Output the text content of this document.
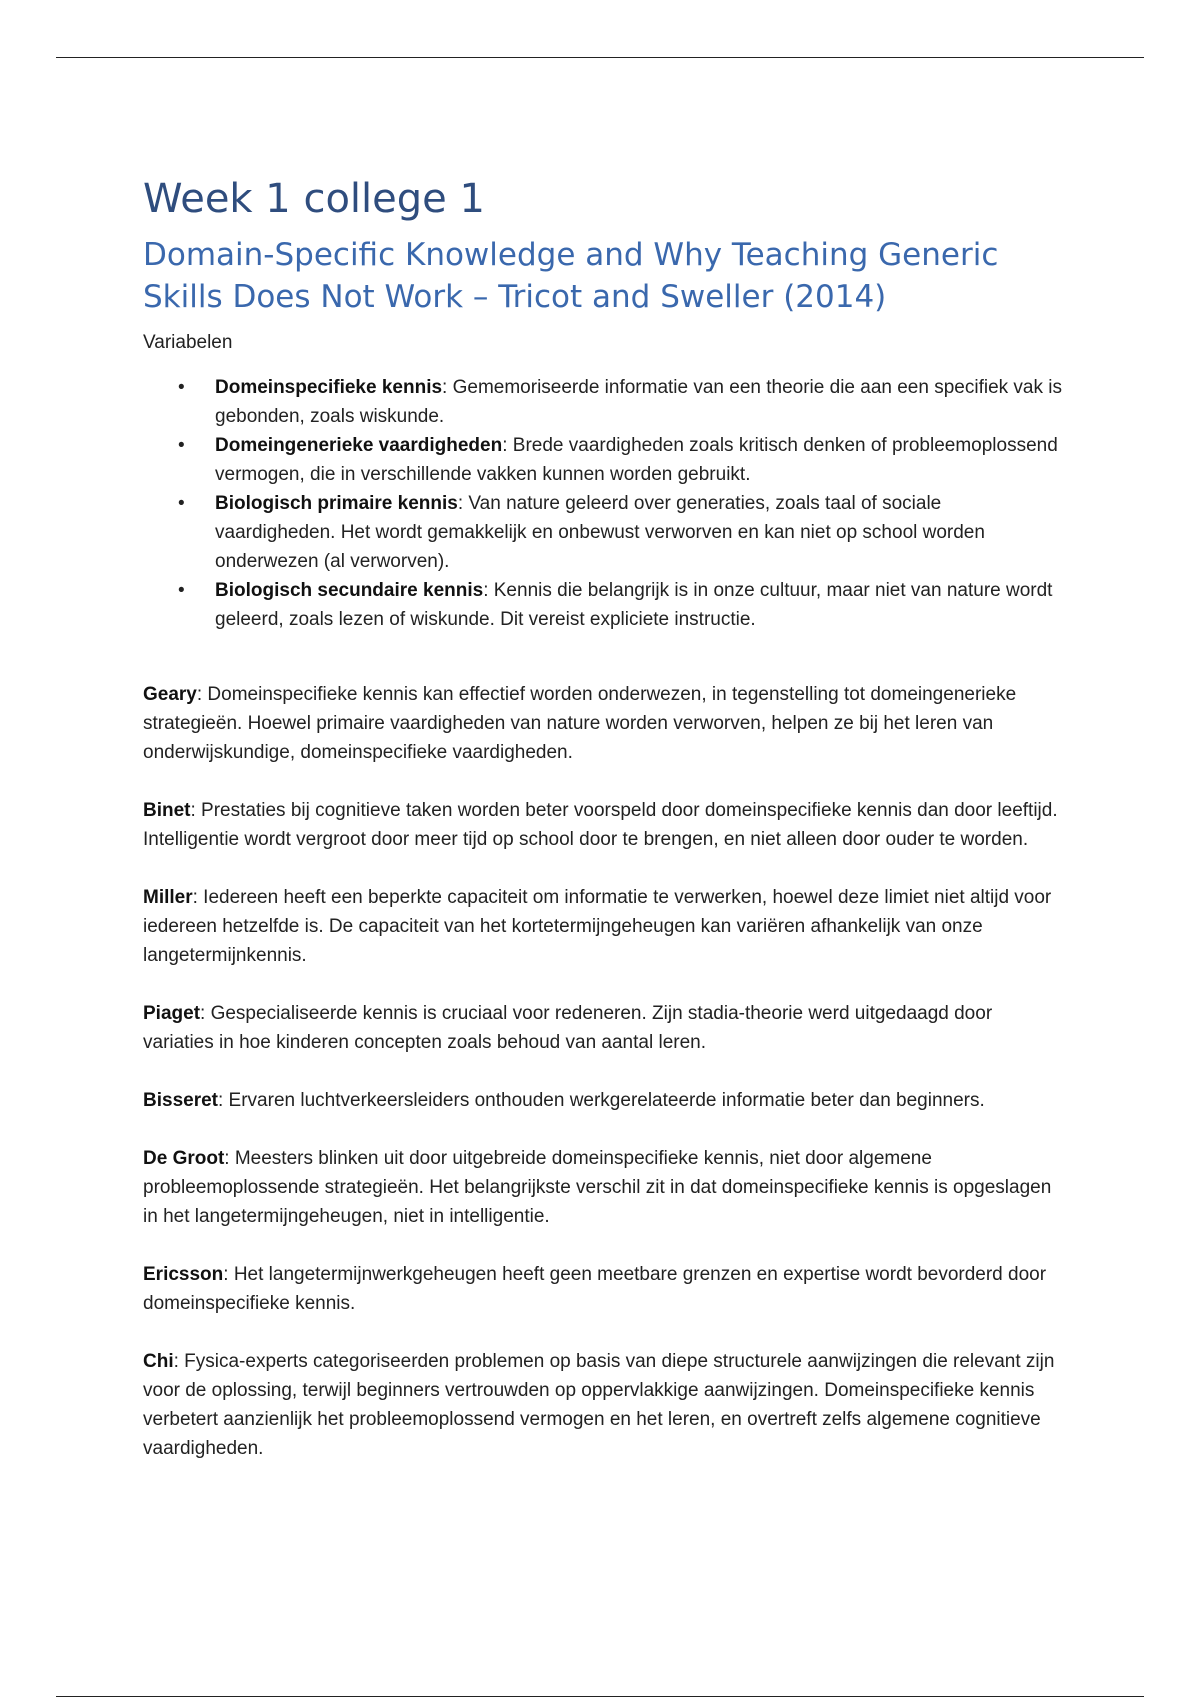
Week 1 college 1
Domain-Specific Knowledge and Why Teaching Generic Skills Does Not Work – Tricot and Sweller (2014)
Variabelen
• Domeinspecifieke kennis: Gememoriseerde informatie van een theorie die aan een specifiek vak is gebonden, zoals wiskunde.
• Domeingenerieke vaardigheden: Brede vaardigheden zoals kritisch denken of probleemoplossend vermogen, die in verschillende vakken kunnen worden gebruikt.
• Biologisch primaire kennis: Van nature geleerd over generaties, zoals taal of sociale vaardigheden. Het wordt gemakkelijk en onbewust verworven en kan niet op school worden onderwezen (al verworven).
• Biologisch secundaire kennis: Kennis die belangrijk is in onze cultuur, maar niet van nature wordt geleerd, zoals lezen of wiskunde. Dit vereist expliciete instructie.

Geary: Domeinspecifieke kennis kan effectief worden onderwezen, in tegenstelling tot domeingenerieke strategieën. Hoewel primaire vaardigheden van nature worden verworven, helpen ze bij het leren van onderwijskundige, domeinspecifieke vaardigheden.

Binet: Prestaties bij cognitieve taken worden beter voorspeld door domeinspecifieke kennis dan door leeftijd. Intelligentie wordt vergroot door meer tijd op school door te brengen, en niet alleen door ouder te worden.

Miller: Iedereen heeft een beperkte capaciteit om informatie te verwerken, hoewel deze limiet niet altijd voor iedereen hetzelfde is. De capaciteit van het kortetermijngeheugen kan variëren afhankelijk van onze langetermijnkennis.

Piaget: Gespecialiseerde kennis is cruciaal voor redeneren. Zijn stadia-theorie werd uitgedaagd door variaties in hoe kinderen concepten zoals behoud van aantal leren.

Bisseret: Ervaren luchtverkeersleiders onthouden werkgerelateerde informatie beter dan beginners.

De Groot: Meesters blinken uit door uitgebreide domeinspecifieke kennis, niet door algemene probleemoplossende strategieën. Het belangrijkste verschil zit in dat domeinspecifieke kennis is opgeslagen in het langetermijngeheugen, niet in intelligentie.

Ericsson: Het langetermijnwerkgeheugen heeft geen meetbare grenzen en expertise wordt bevorderd door domeinspecifieke kennis.

Chi: Fysica-experts categoriseerden problemen op basis van diepe structurele aanwijzingen die relevant zijn voor de oplossing, terwijl beginners vertrouwden op oppervlakkige aanwijzingen. Domeinspecifieke kennis verbetert aanzienlijk het probleemoplossend vermogen en het leren, en overtreft zelfs algemene cognitieve vaardigheden.
